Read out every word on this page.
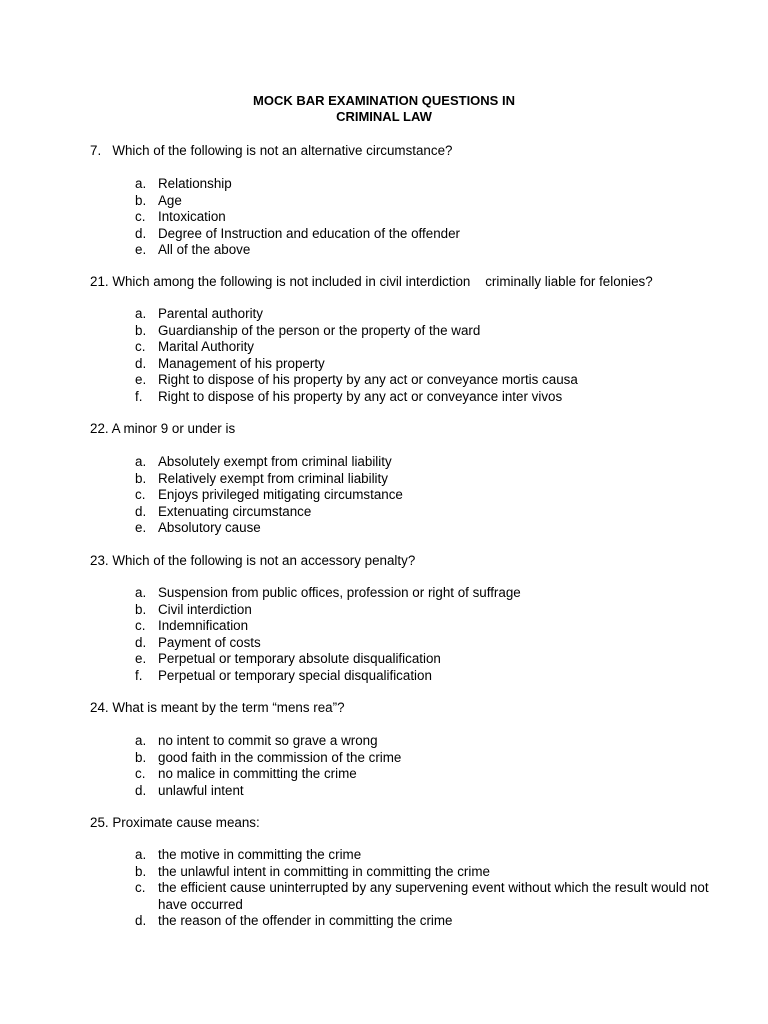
MOCK BAR EXAMINATION QUESTIONS IN
CRIMINAL LAW

7.   Which of the following is not an alternative circumstance?

a. Relationship
b. Age
c. Intoxication
d. Degree of Instruction and education of the offender
e. All of the above

21. Which among the following is not included in civil interdiction    criminally liable for felonies?

a. Parental authority
b. Guardianship of the person or the property of the ward
c. Marital Authority
d. Management of his property
e. Right to dispose of his property by any act or conveyance mortis causa
f. Right to dispose of his property by any act or conveyance inter vivos

22. A minor 9 or under is

a. Absolutely exempt from criminal liability
b. Relatively exempt from criminal liability
c. Enjoys privileged mitigating circumstance
d. Extenuating circumstance
e. Absolutory cause

23. Which of the following is not an accessory penalty?

a. Suspension from public offices, profession or right of suffrage
b. Civil interdiction
c. Indemnification
d. Payment of costs
e. Perpetual or temporary absolute disqualification
f. Perpetual or temporary special disqualification

24. What is meant by the term “mens rea”?

a. no intent to commit so grave a wrong
b. good faith in the commission of the crime
c. no malice in committing the crime
d. unlawful intent

25. Proximate cause means:

a. the motive in committing the crime
b. the unlawful intent in committing in committing the crime
c. the efficient cause uninterrupted by any supervening event without which the result would not have occurred
d. the reason of the offender in committing the crime
